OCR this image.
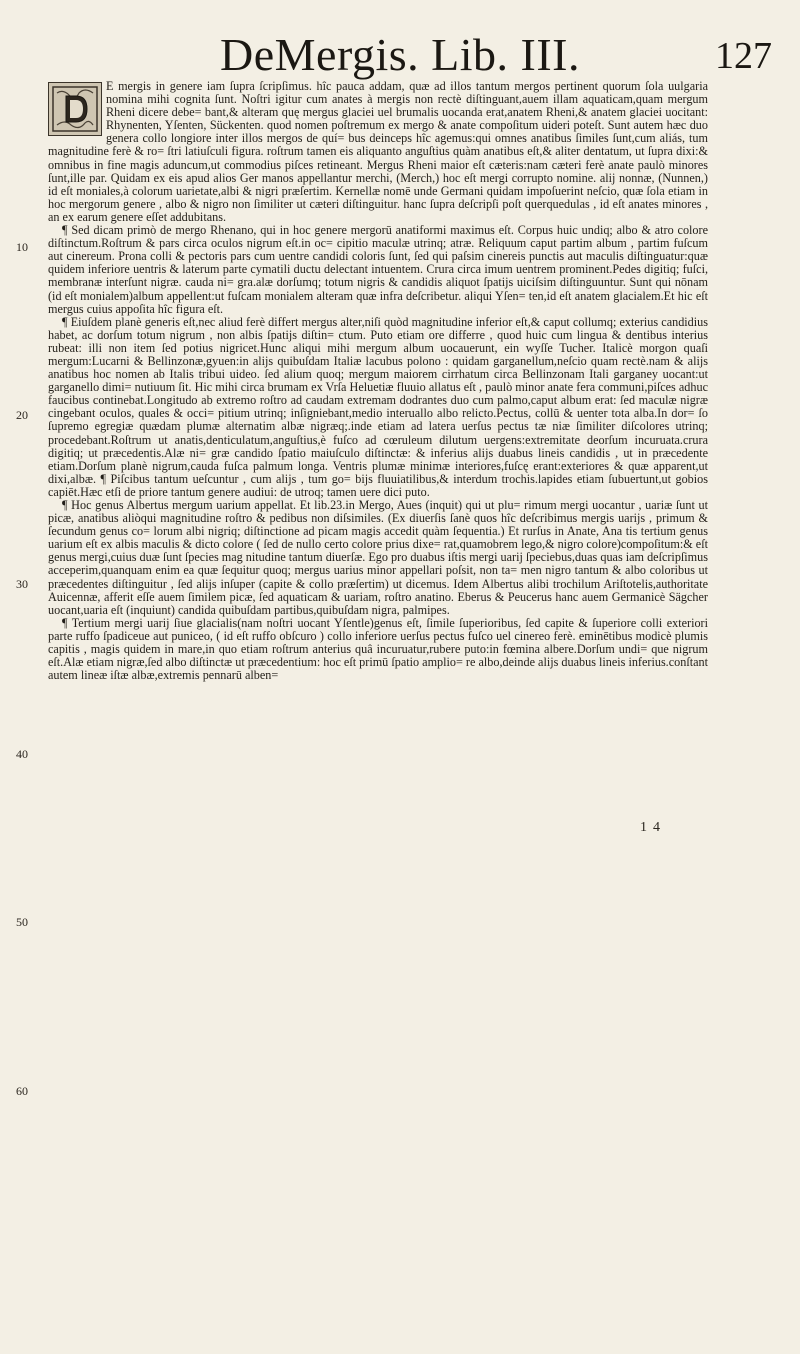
DeMergis. Lib. III.	127
10
20
30
40
50
60

E mergis in genere iam ſupra ſcripſimus. hîc pauca addam, quæ ad illos tantum mergos pertinent quorum ſola uulgaria nomina mihi cognita ſunt. Noſtri igitur cum anates à mergis non rectè diſtinguant,auem illam aquaticam,quam mergum Rheni dicere debe= bant,& alteram quę mergus glaciei uel brumalis uocanda erat,anatem Rheni,& anatem glaciei uocitant: Rhynenten, Yſenten, Sückenten. quod nomen poſtremum ex mergo & anate compoſitum uideri poteſt. Sunt autem hæc duo genera collo longiore inter illos mergos de quí= bus deinceps hîc agemus:qui omnes anatibus ſimiles ſunt,cum aliás, tum magnitudine ferè & ro= ſtri latiuſculi figura. roſtrum tamen eis aliquanto anguſtius quàm anatibus eſt,& aliter dentatum, ut ſupra dixi:& omnibus in fine magis aduncum,ut commodius piſces retineant. Mergus Rheni maior eſt cæteris:nam cæteri ferè anate paulò minores ſunt,ille par. Quidam ex eis apud alios Ger manos appellantur merchi, (Merch,) hoc eſt mergi corrupto nomine. alij nonnæ, (Nunnen,) id eſt moniales,à colorum uarietate,albi & nigri præſertim. Kernellæ nomē unde Germani quidam impoſuerint neſcio, quæ ſola etiam in hoc mergorum genere , albo & nigro non ſimiliter ut cæteri diſtinguitur. hanc ſupra deſcripſi poſt querquedulas , id eſt anates minores , an ex earum genere eſſet addubitans.

¶ Sed dicam primò de mergo Rhenano, qui in hoc genere mergorū anatiformi maximus eſt. Corpus huic undiq; albo & atro colore diſtinctum.Roſtrum & pars circa oculos nigrum eſt.in oc= cipitio maculæ utrinq; atræ. Reliquum caput partim album , partim fuſcum aut cinereum. Prona colli & pectoris pars cum uentre candidi coloris ſunt, ſed qui paſsim cinereis punctis aut maculis diſtinguatur:quæ quidem inferiore uentris & laterum parte cymatili ductu delectant intuentem. Crura circa imum uentrem prominent.Pedes digitiq; fuſci, membranæ interſunt nigræ. cauda ni= gra.alæ dorſumq; totum nigris & candidis aliquot ſpatijs uiciſsim diſtinguuntur. Sunt qui nōnam (id eſt monialem)album appellent:ut fuſcam monialem alteram quæ infra deſcribetur. aliqui Yſen= ten,id eſt anatem glacialem.Et hic eſt mergus cuius appoſita hîc figura eſt.

¶ Eiuſdem planè generis eſt,nec aliud ferè differt mergus alter,niſi quòd magnitudine inferior eſt,& caput collumq; exterius candidius habet, ac dorſum totum nigrum , non albis ſpatijs diſtin= ctum. Puto etiam ore differre , quod huic cum lingua & dentibus interius rubeat: illi non item ſed potius nigricet.Hunc aliqui mihi mergum album uocauerunt, ein wyſſe Tucher. Italicè morgon quaſi mergum:Lucarni & Bellinzonæ,gyuen:in alijs quibuſdam Italiæ lacubus polono : quidam garganellum,neſcio quam rectè.nam & alijs anatibus hoc nomen ab Italis tribui uideo. ſed alium quoq; mergum maiorem cirrhatum circa Bellinzonam Itali garganey uocant:ut garganello dimi= nutiuum ſit. Hic mihi circa brumam ex Vrſa Heluetiæ fluuio allatus eſt , paulò minor anate fera communi,piſces adhuc faucibus continebat.Longitudo ab extremo roſtro ad caudam extremam dodrantes duo cum palmo,caput album erat: ſed maculæ nigræ cingebant oculos, quales & occi= pitium utrinq; inſigniebant,medio interuallo albo relicto.Pectus, collū & uenter tota alba.In dor= ſo ſupremo egregiæ quædam plumæ alternatim albæ nigræq;.inde etiam ad latera uerſus pectus tæ niæ ſimiliter diſcolores utrinq; procedebant.Roſtrum ut anatis,denticulatum,anguſtius,è fuſco ad cœruleum dilutum uergens:extremitate deorſum incuruata.crura digitiq; ut præcedentis.Alæ ni= græ candido ſpatio maiuſculo diſtinctæ: & inferius alijs duabus lineis candidis , ut in præcedente etiam.Dorſum planè nigrum,cauda fuſca palmum longa. Ventris plumæ minimæ interiores,fuſcę erant:exteriores & quæ apparent,ut dixi,albæ. ¶ Piſcibus tantum ueſcuntur , cum alijs , tum go= bijs fluuiatilibus,& interdum trochis.lapides etiam ſubuertunt,ut gobios capiēt.Hæc etſi de priore tantum genere audiui: de utroq; tamen uere dici puto.

¶ Hoc genus Albertus mergum uarium appellat. Et lib.23.in Mergo, Aues (inquit) qui ut plu= rimum mergi uocantur , uariæ ſunt ut picæ, anatibus aliòqui magnitudine roſtro & pedibus non diſsimiles. (Ex diuerſis ſanè quos hîc deſcribimus mergis uarijs , primum & ſecundum genus co= lorum albi nigriq; diſtinctione ad picam magis accedit quàm ſequentia.) Et rurſus in Anate, Ana tis tertium genus uarium eſt ex albis maculis & dicto colore ( ſed de nullo certo colore prius dixe= rat,quamobrem lego,& nigro colore)compoſitum:& eſt genus mergi,cuius duæ ſunt ſpecies mag nitudine tantum diuerſæ. Ego pro duabus iſtis mergi uarij ſpeciebus,duas quas iam deſcripſimus acceperim,quanquam enim ea quæ ſequitur quoq; mergus uarius minor appellari poſsit, non ta= men nigro tantum & albo coloribus ut præcedentes diſtinguitur , ſed alijs inſuper (capite & collo præſertim) ut dicemus. Idem Albertus alibi trochilum Ariſtotelis,authoritate Auicennæ, afferit eſſe auem ſimilem picæ, ſed aquaticam & uariam, roſtro anatino. Eberus & Peucerus hanc auem Germanicè Sägcher uocant,uaria eſt (inquiunt) candida quibuſdam partibus,quibuſdam nigra, palmipes.

¶ Tertium mergi uarij ſiue glacialis(nam noſtri uocant Yſentle)genus eſt, ſimile ſuperioribus, ſed capite & ſuperiore colli exteriori parte ruffo ſpadiceue aut puniceo, ( id eſt ruffo obſcuro ) collo inferiore uerſus pectus fuſco uel cinereo ferè. eminētibus modicè plumis capitis , magis quidem in mare,in quo etiam roſtrum anterius quâ incuruatur,rubere puto:in fœmina albere.Dorſum undi= que nigrum eſt.Alæ etiam nigræ,ſed albo diſtinctæ ut præcedentium: hoc eſt primū ſpatio amplio= re albo,deinde alijs duabus lineis inferius.conſtant autem lineæ iſtæ albæ,extremis pennarū alben=

14
